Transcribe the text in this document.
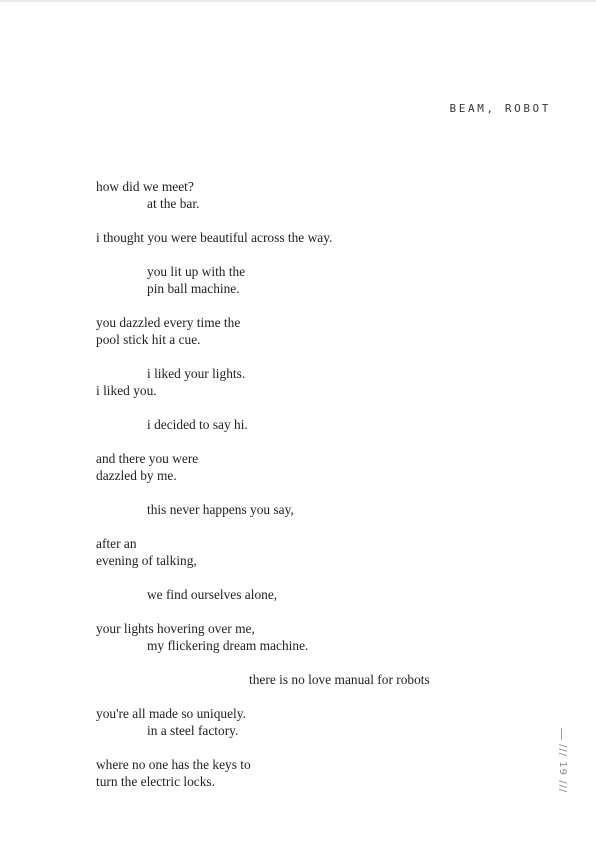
BEAM, ROBOT
how did we meet?
at the bar.
i thought you were beautiful across the way.
you lit up with the
pin ball machine.
you dazzled every time the
pool stick hit a cue.
i liked your lights.
i liked you.
i decided to say hi.
and there you were
dazzled by me.
this never happens you say,
after an
evening of talking,
we find ourselves alone,
your lights hovering over me,
my flickering dream machine.
there is no love manual for robots
you're all made so uniquely.
in a steel factory.
where no one has the keys to
turn the electric locks.	/// 19 ///
